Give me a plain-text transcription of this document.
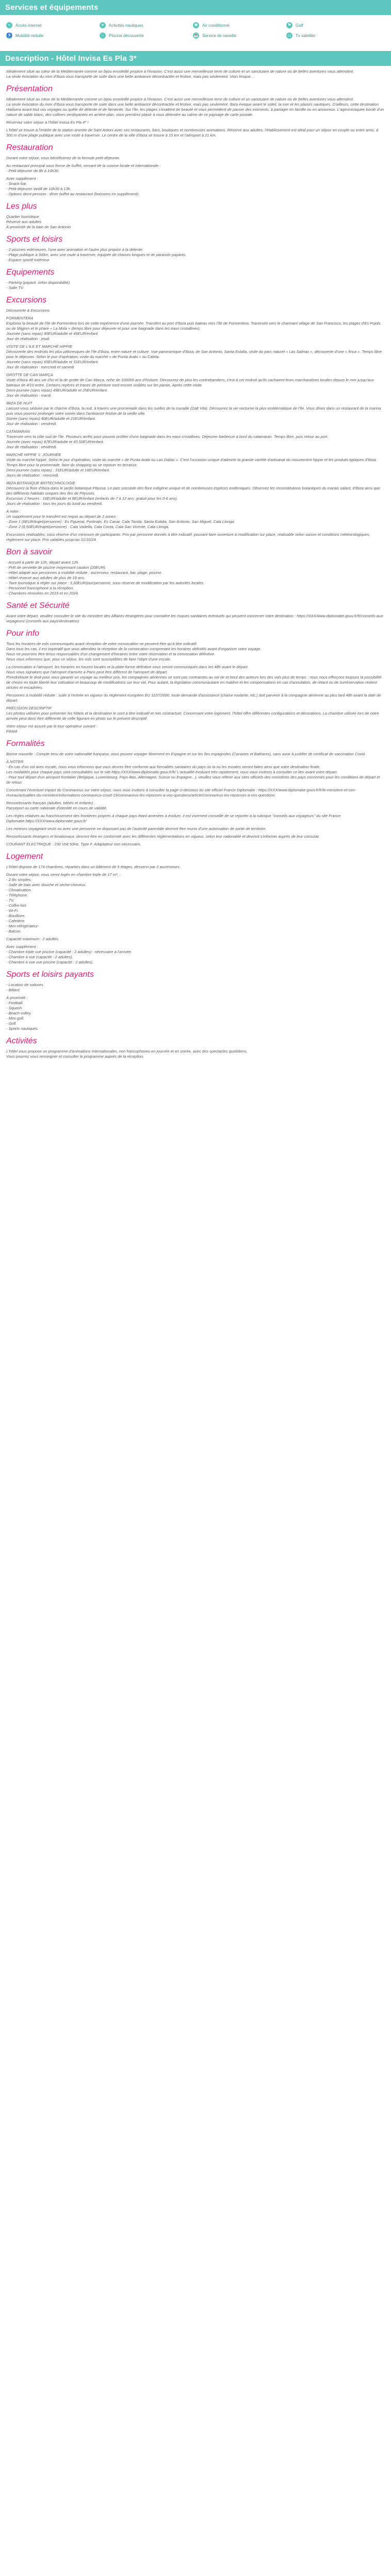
Services et équipements
≈	Accès internet	✦	Activités nautiques	✱	Air conditionné	⚑	Golf
♿ Mobilité réduite	◌	Piscine découverte	☕ Service de navette	▭ Tv satellite
Description - Hôtel Invisa Es Pla 3*

Idéalement situé au cœur de la Méditerranée comme un bijou ensoleillé propice à l'évasion. C'est aussi une merveilleuse terre de culture et un sanctuaire de nature où de belles aventures vous attendent.
La seule évocation du nom d'Ibiza vous transporte de suite dans une belle ambiance décontractée et festive, mais pas seulement. Voici lesque…

Présentation

Idéalement situé au cœur de la Méditerranée comme un bijou ensoleillé propice à l'évasion. C'est aussi une merveilleuse terre de culture et un sanctuaire de nature où de belles aventures vous attendent.
La seule évocation du nom d'Ibiza vous transporte de suite dans une belle ambiance décontractée et festive, mais pas seulement. Ibiza évoque avant le soleil, la mer et les plaisirs nautiques. D'ailleurs, cette destination réalisera avant tout vos voyages ou quête de détente et de farniente. Sur l'île, les plages s'exaltent de beauté et vous permettent de passer des moments, à partager en famille ou en amoureux. L'agenceraquée bordé d'un nature de sable blanc, des collines verdoyantes en arrière-plan, vous prendrez plaisir à vous détendre au calme de ce paysage de carte postale.

Réservez votre séjour à l'hôtel Invisa Es Pla 4* !

L'hôtel se trouve à l'entrée de la station animée de Sant Antoni avec ses restaurants, bars, boutiques et nombreuses animations. Réservé aux adultes, l'établissement est idéal pour un séjour en couple ou entre amis, à 300 m d'une plage publique avec une route à traverser. Le centre de la ville d'Ibiza se trouve à 15 km et l'aéroport à 21 km.

Restauration

Durant votre séjour, vous bénéficierez de la formule petit-déjeuner.

Au restaurant principal sous forme de buffet, servant de la cuisine locale et internationale :
- Petit déjeuner de 8h à 10h30.

Avec supplément :
- Snack-bar.
- Petit déjeuner tardif de 10h30 à 13h.
- Options demi-pension : dîner buffet au restaurant (boissons en supplément).

Les plus

Quartier touristique
Réservé aux adultes
À proximité de la baie de San Antonio

Sports et loisirs

- 2 piscines extérieures, l'une avec animation et l'autre plus propice à la détente.
- Plage publique à 300m, avec une route à traverser, équipée de chaises longues et de parasols payants.
- Espace sportif extérieur.

Equipements

- Parking (payant, selon disponibilité).
- Salle TV.

Excursions

Découverte & Excursions

FORMENTERA
Explorez la beauté de l'île de Formentera lors de cette expérience d'une journée. Transfert au port d'Ibiza puis bateau vers l'île de Formentera. Traversée vers le charmant village de San Francisco, les plages d'Es Pujols ou de Migjorn et le phare « La Mola » (temps libre pour déjeuner et pour une baignade dans les eaux cristallines).
Journée (sans repas) 90EUR/adulte et 45EUR/enfant.
Jour de réalisation : jeudi.

VISITE DE L'ILE ET MARCHÉ HIPPIE
Découverte des endroits les plus pittoresques de l'île d'Ibiza, entre nature et culture. Vue panoramique d'Ibiza, de San Antonio, Santa Eulalia, visite du parc naturel « Las Salinas », découverte d'une « finca ». Temps libre pour le déjeuner. Selon le jour d'opération, visite du marché « de Punta Arabi » ou Caleta.
Journée (sans repas) 65EUR/adulte et 31EUR/enfant.
Jour de réalisation : mercredi et samedi.

GROTTE DE CAN MARÇA
Visite d'Ibiza 40 ans vie d'ici et la de grotte de Can Marça, riche de 100000 ans d'histoire. Découvrez de plus les contrebandiers, c'est à cet endroit qu'ils cachaient leurs marchandises locales depuis le mer jusqu'aux bateaux de 4/10 entre. Certains repères et traces de peinture sont encore visibles sur les parois. Après cette visite.
Demi-journée (sans repas) 49EUR/adulte et 25EUR/enfant.
Jour de réalisation : mardi.

IBIZA DE NUIT
Laissez-vous séduire par le charme d'Ibiza, la nuit, à travers une promenade dans les ruelles de la muraille (Dalt Vila). Découvrez la vie nocturne la plus emblématique de l'île. Vous dînez dans un restaurant de la marina puis vous pourrez prolonger votre soirée dans l'ambiance festive de la vieille ville.
Soirée (sans repas) 40EUR/adulte et 21EUR/enfant.
Jour de réalisation : vendredi.

CATAMARAN
Traversée vers la côte sud de l'île. Plusieurs arrêts pour pouvoir profiter d'une baignade dans les eaux cristallines. Déjeuner barbecue à bord du catamaran. Temps libre, puis retour au port.
Journée (avec repas) 87EUR/adulte et 43,50EUR/enfant.
Jour de réalisation : vendredi.

MARCHÉ HIPPIE 'L' JOURNÉE
Visite du marché hippie. Selon le jour d'opération, visite du marché « de Punta Arabi ou Las Dalias ». C'est l'occasion unique d'admirer la grande variété d'artisanat du mouvement hippie et les produits typiques d'Ibiza. Temps libre pour la promenade, faire du shopping ou se reposer en terrasse.
Demi-journée (sans repas) : 31EUR/adulte et 16EUR/enfant.
Jours de réalisation : mercredi.

IBIZA BOTANIQUE BIOTECHNOLOGIE
Découvrez la flore d'Ibiza dans le jardin botanique Pityusa. Le parc possède des flore indigène unique et de nombreuses espèces endémiques. Observez les reconstitutions botaniques du marais salant, d'Ibiza ainsi que des différents habitats uniques des îles de Pityuses.
Excursion 2 heures : 16EUR/adulte et 8EUR/enfant (enfants de 7 à 12 ans; gratuit pour les 0-6 ans).
Jours de réalisation : tous les jours du lundi au vendredi.

À noter :
Un supplément pour le transfert est requis au départ de 2 zones :
- Zone 1 (6EUR/trajet/personne) : Es Figueral, Portinatx, Es Canar, Cala Tarida, Santa Eulalia, San Antonio, San Miguel, Cala Llonga.
- Zone 2 (8,50EUR/trajet/personne) : Cala Vadella, Cala Conta, Cala San Vicente, Cala Llonga.

Excursions réalisables, sous réserve d'un minimum de participants. Prix par personne donnés à titre indicatif, pouvant faire ouverture à modification sur place, réalisable selon saison et conditions météorologiques, règlement sur place. Prix valables jusqu'au 31/10/24.

Bon à savoir

- Accueil à partir de 12h, départ avant 12h.
- Prêt de serviette de piscine moyennant caution (20EUR).
- Hôtel adapté aux personnes à mobilité réduite : ascenseur, restaurant, bar, plage, piscine.
- Hôtel réservé aux adultes de plus de 18 ans.
- Taxe touristique à régler sur place : 3,30EUR/jour/personne, sous réserve de modification par les autorités locales.
- Personnel francophone à la réception.
- Chambres rénovées en 2019 et en 2024.

Santé et Sécurité

Avant votre départ, veuillez consulter le site du ministère des Affaires étrangères pour connaître les risques sanitaires éventuels qui peuvent concerner votre destination : https://XXX/www.diplomatie.gouv.fr/fr/conseils-aux-voyageurs/ (conseils aux pays/destination)

Pour info

Tous les horaires de vols communiqués avant réception de votre convocation ne peuvent être qu'à titre indicatif.
Dans tous les cas, il est impératif que vous attendiez la réception de la convocation comprenant les horaires définitifs avant d'organiser votre voyage.
Nous ne pourrons être tenus responsables d'un changement d'horaires entre votre réservation et la convocation définitive.
Nous vous informons que, pour ce séjour, les vols sont susceptibles de faire l'objet d'une escale.

La convocation à l'aéroport, les horaires en heures locales et la plate-forme définitive vous seront communiqués dans les 48h avant le départ.
Nous vous signalons que l'aéroport d'arrivée à Paris peut être différent de l'aéroport de départ.
Prendretoute le droit pour vous garantir un voyage au meilleur prix, les compagnies aériennes se sont pas contraintes au vol de et bord des acteurs lors des vols plus de temps : nous nous efforçons toujours la possibilité de choisir en toute liberté leur cotisation et beaucoup de modifications sur leur vol. Pour autant, la législation communautaire en matière et les compensations en cas d'annulation, de retard ou de surréservation restent strictes et encadrées.

Personnes à mobilité réduite : suite à l'entrée en vigueur du règlement européen EU 1107/2006, toute demande d'assistance (chaise roulante, etc.) doit parvenir à la compagnie aérienne au plus tard 48h avant la date de départ.

PRÉCISION DESCRIPTIF
Les photos utilisées pour présenter les hôtels et la destination le sont à titre indicatif et non contractuel. Concernant votre logement, l'hôtel offre différentes configurations et décorations. La chambre utilisée lors de notre arrivée peut donc être différente de celle figurant en photo sur le présent descriptif.

Votre séjour est assuré par le tour opérateur suivant :
FRAM

Formalités

Bonne nouvelle : Compte tenu de votre nationalité française, vous pouvez voyager librement en Espagne et sur les îles espagnoles (Canaries et Baléares), sans avoir à justifier de certificat de vaccination Covid.

À NOTER
- En cas d'un vol avec escale, nous vous informons que vous devrez être conforme aux formalités sanitaires du pays où la ou les escales seront faites ainsi que votre destination finale.
Les modalités pour chaque pays sont consultables sur le site https://XXX/www.diplomatie.gouv.fr/fr/ L'actualité évoluant très rapidement, nous vous invitons à consulter ce lien avant votre départ.
- Pour tout départ d'un aéroport frontalier (Belgique, Luxembourg, Pays-Bas, Allemagne, Suisse ou Espagne...), veuillez vous référer aux sites officiels des ministères des pays concernés pour les conditions de départ et de retour.

Concernant l'éventuel impact du Coronavirus sur votre séjour, nous vous invitons à consulter la page ci-dessous du site officiel France Diplomatie : https://XXX/www.diplomatie.gouv.fr/fr/le-ministere-et-son-reseau/actualites-du-ministere/informations-coronavirus-covid-19/coronavirus-les-reponses-a-vos-questions/article/coronavirus-les-reponses-a-vos-questions

Ressortissants français (adultes, bébés et enfants) :
Passeport ou carte nationale d'identité en cours de validité.

Les règles relatives au franchissement des frontières propres à chaque pays étant amenées à évoluer, il est vivement conseillé de se reporter à la rubrique "conseils aux voyageurs" du site France Diplomatie.https://XXX/www.diplomatie.gouv.fr/

Les mineurs voyageant seuls ou avec une personne ne disposant pas de l'autorité parentale devront être munis d'une autorisation de sortie de territoire.

Ressortissants étrangers et binationaux: devront être en conformité avec les différentes réglementations en vigueur, selon leur nationalité et devront s'informer auprès de leur consulat.

COURANT ÉLECTRIQUE : 230 Volt 50Hz, Type F. Adaptateur non nécessaire.

Logement

L'hôtel dispose de 174 chambres, réparties dans un bâtiment de 5 étages, desservi par 2 ascenseurs.

Durant votre séjour, vous serez logés en chambre triple de 17 m², :
- 2 lits simples.
- Salle de bain avec douche et sèche-cheveux.
- Climatisation.
- Téléphone.
- TV.
- Coffre-fort.
- Wi-Fi.
- Bouilloire.
- Cafetière.
- Mini-réfrigérateur.
- Balcon.

Capacité maximum : 2 adultes.

Avec supplément :
- Chambre triple vue piscine (capacité : 2 adultes) : nécessaire à l'arrivée.
- Chambre à vue (capacité : 2 adultes).
- Chambre à vue vue piscine (capacité : 2 adultes).

Sports et loisirs payants

- Location de voitures.
- Billard.

À proximité :
- Football.
- Squash.
- Beach-volley.
- Mini-golf.
- Golf.
- Sports nautiques.

Activités

L'hôtel vous propose un programme d'animations internationales, non francophones en journée et en soirée, avec des spectacles quotidiens.
Vous pourrez vous renseigner et consulter le programme auprès de la réception.
